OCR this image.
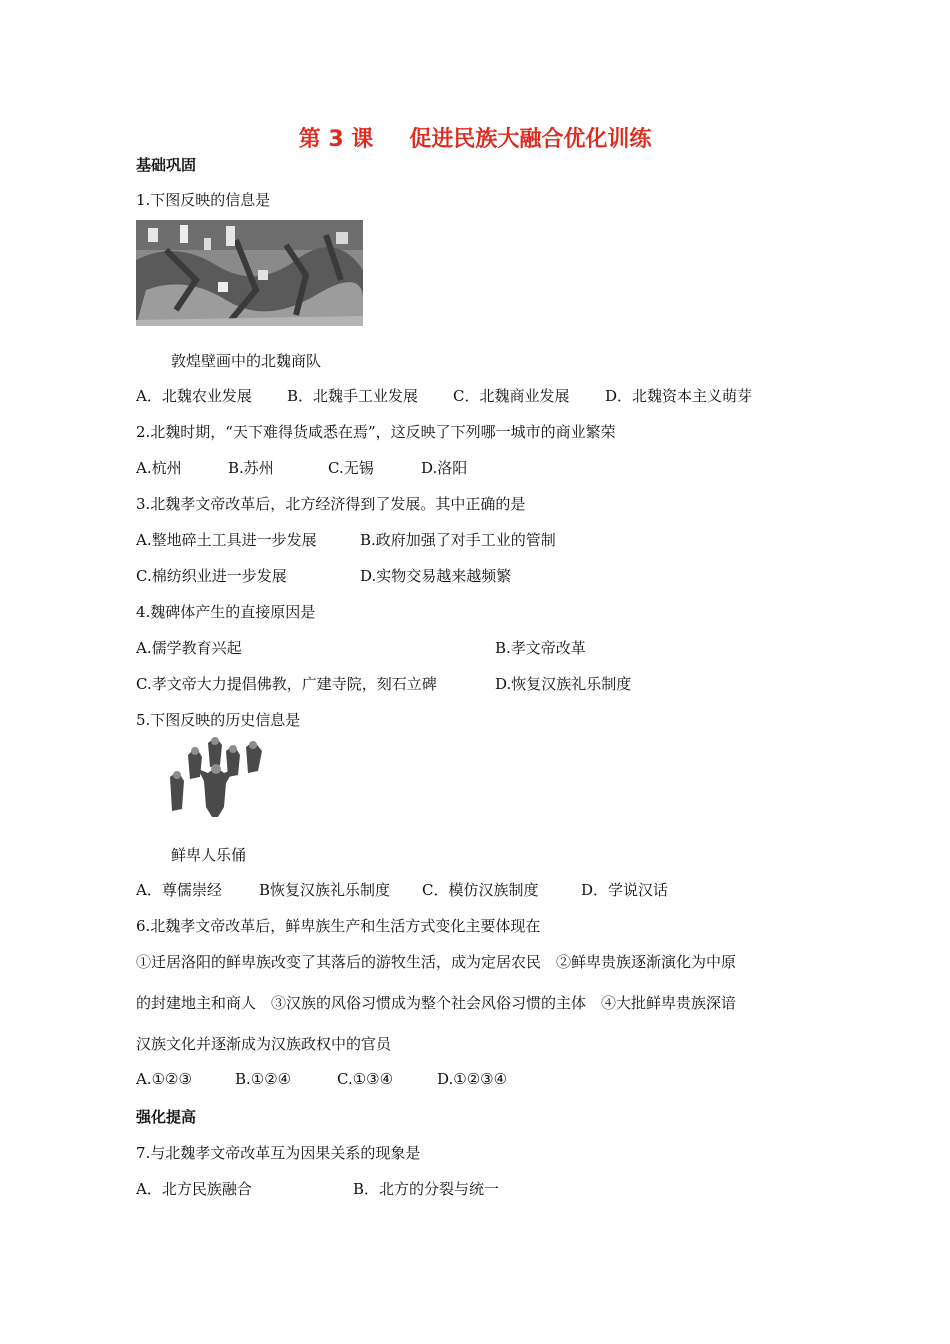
第 3 课 促进民族大融合优化训练
基础巩固
1.下图反映的信息是
敦煌壁画中的北魏商队
A．北魏农业发展	B．北魏手工业发展	C．北魏商业发展	D．北魏资本主义萌芽
2.北魏时期，“天下难得货咸悉在焉”，这反映了下列哪一城市的商业繁荣
A.杭州	B.苏州	C.无锡	D.洛阳
3.北魏孝文帝改革后，北方经济得到了发展。其中正确的是
A.整地碎土工具进一步发展	B.政府加强了对手工业的管制
C.棉纺织业进一步发展	D.实物交易越来越频繁
4.魏碑体产生的直接原因是
A.儒学教育兴起	B.孝文帝改革
C.孝文帝大力提倡佛教，广建寺院，刻石立碑	D.恢复汉族礼乐制度
5.下图反映的历史信息是
鲜卑人乐俑
A．尊儒崇经	B恢复汉族礼乐制度	C．模仿汉族制度	D．学说汉话
6.北魏孝文帝改革后，鲜卑族生产和生活方式变化主要体现在
①迁居洛阳的鲜卑族改变了其落后的游牧生活，成为定居农民　②鲜卑贵族逐渐演化为中原
的封建地主和商人　③汉族的风俗习惯成为整个社会风俗习惯的主体　④大批鲜卑贵族深谙
汉族文化并逐渐成为汉族政权中的官员
A.①②③	B.①②④	C.①③④	D.①②③④
强化提高
7.与北魏孝文帝改革互为因果关系的现象是
A．北方民族融合	B．北方的分裂与统一
